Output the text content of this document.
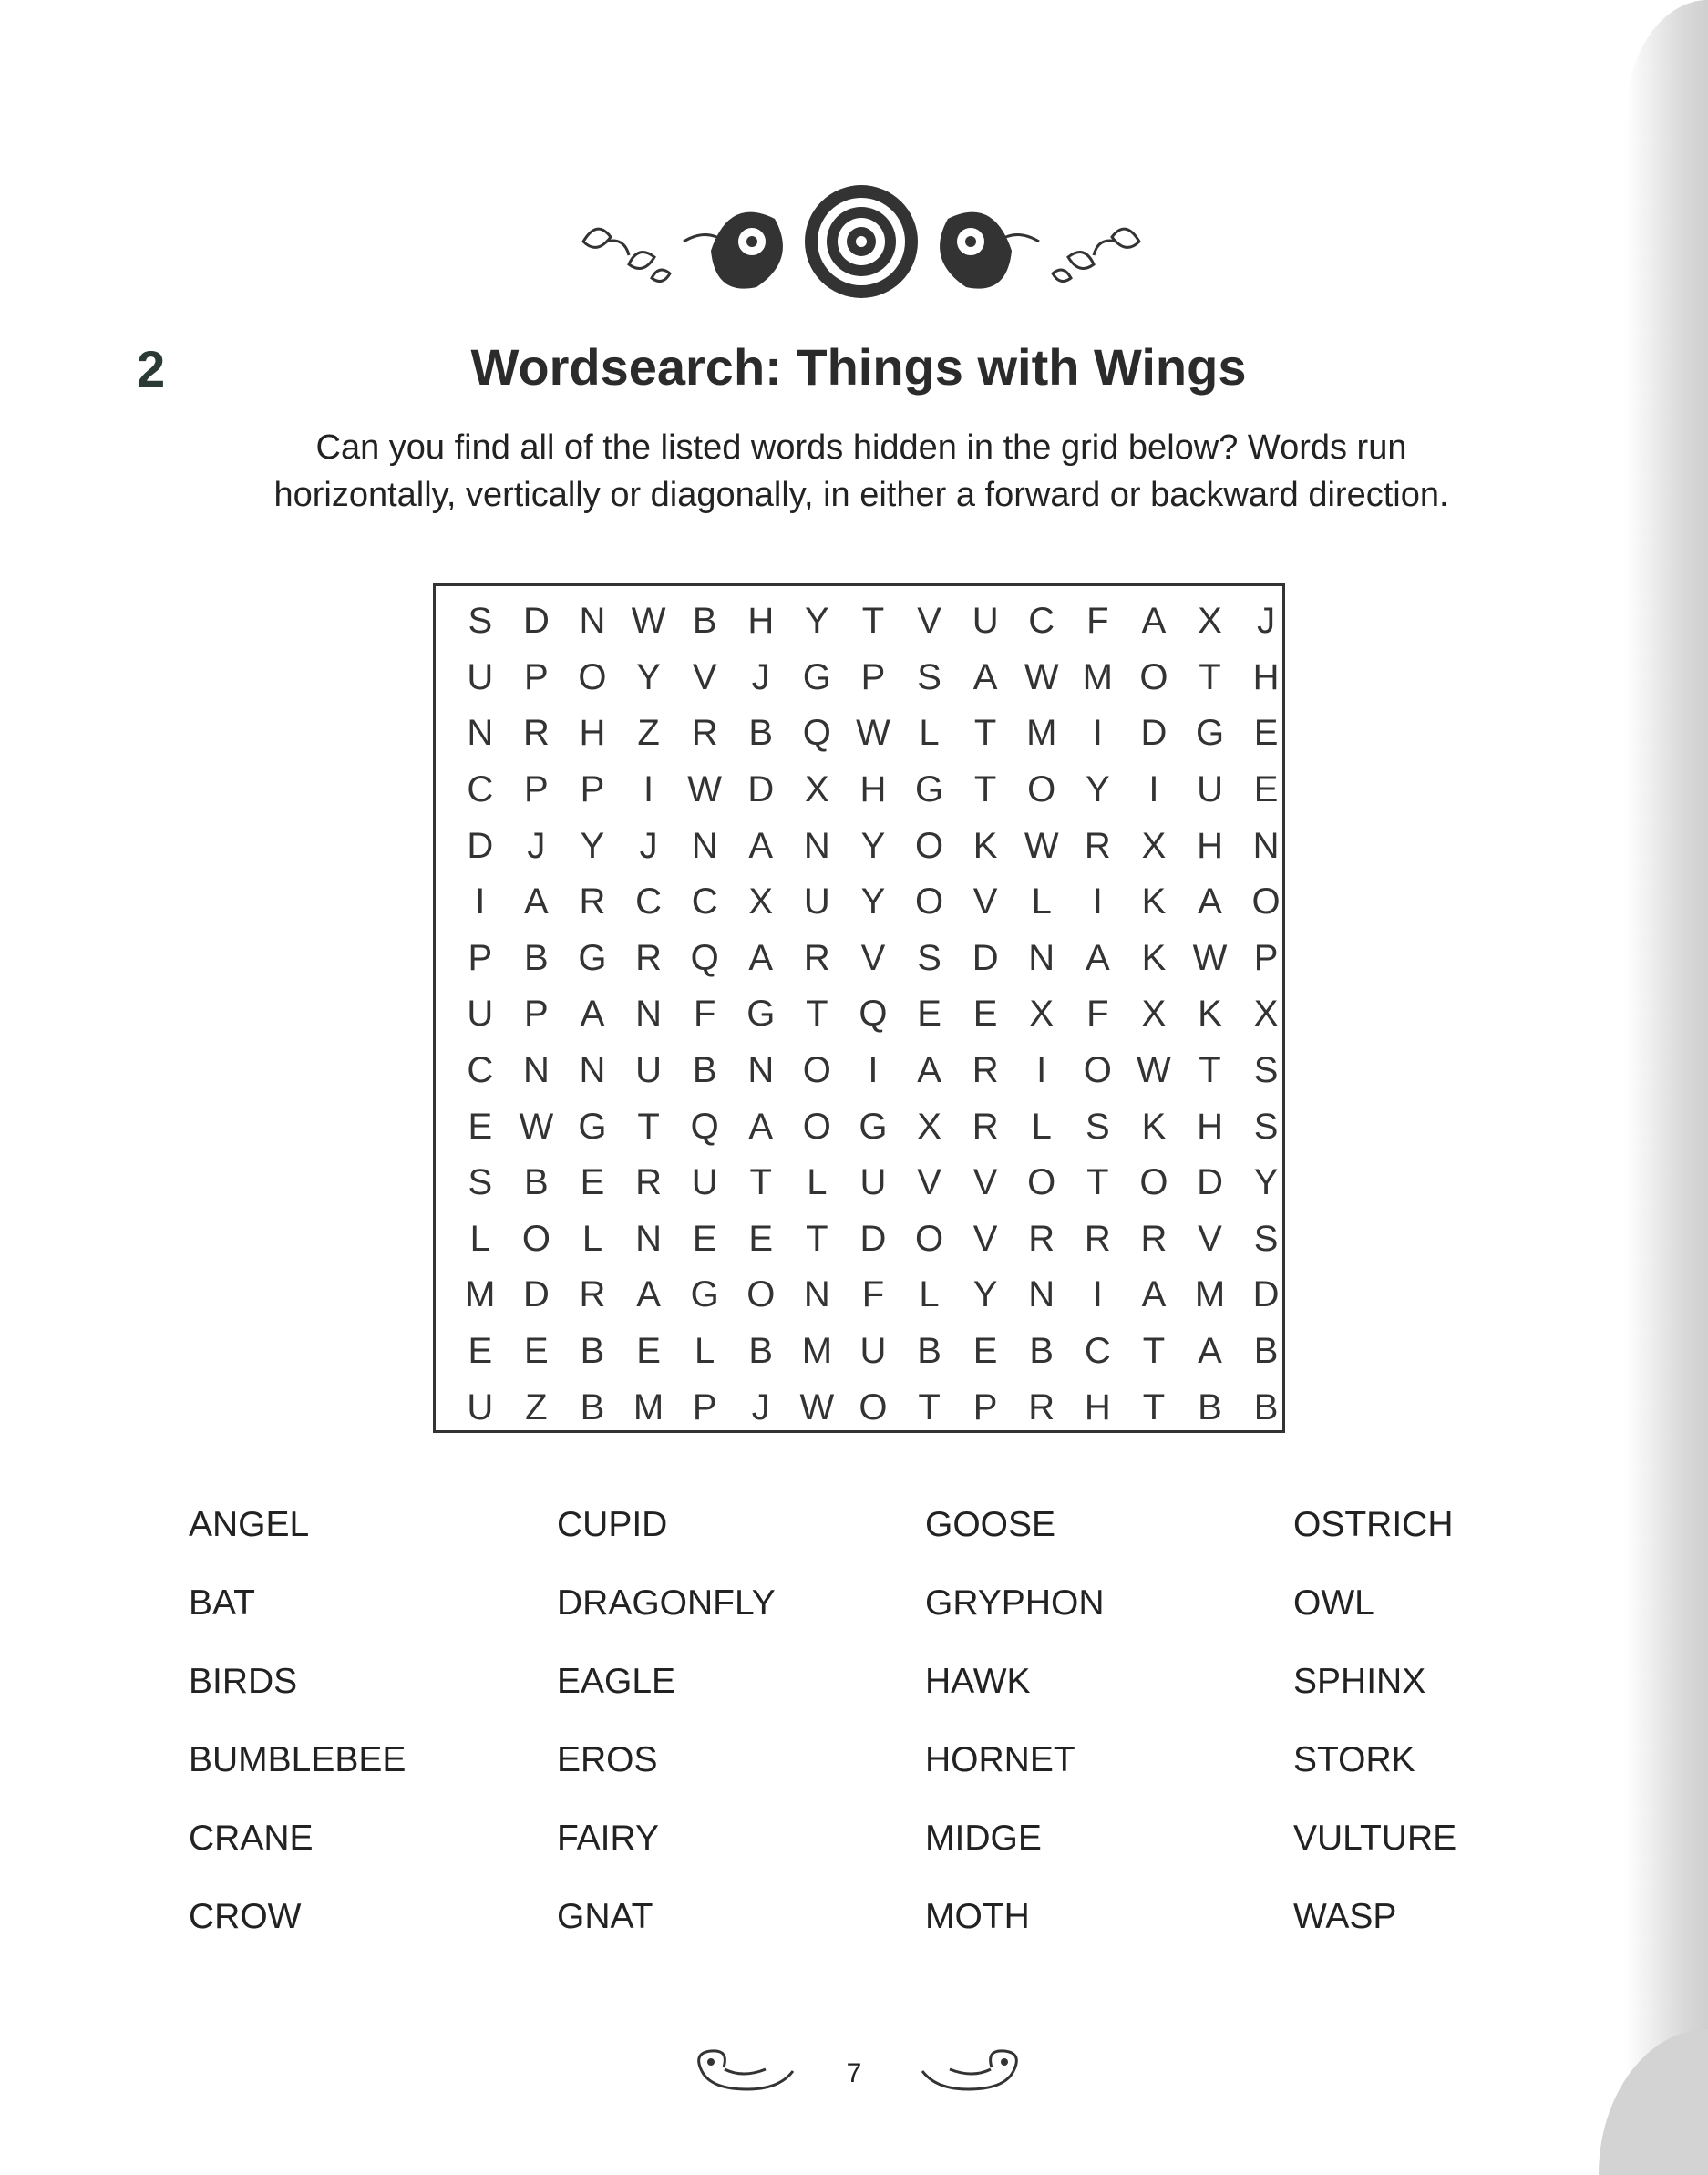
2	Wordsearch: Things with Wings
Can you find all of the listed words hidden in the grid below? Words run
horizontally, vertically or diagonally, in either a forward or backward direction.
S D N W B H Y T V U C F A X J
U P O Y V J G P S A W M O T H
N R H Z R B Q W L T M I	D G E
C P P	I W D X H G T O Y	I	U E
D J Y J N A N Y O K W R X H N
I	A R C C X U Y O V L	I	K A O
P B G R Q A R V S D N A K W P
U P A N F G T Q E E X F X K X
C N N U B N O	I	A R	I	O W T S
E W G T Q A O G X R L S K H S
S B E R U T L U V V O T O D Y
L O L N E E T D O V R R R V S
M D R A G O N F L Y N	I	A M D
E E B E L B M U B E B C T A B
U Z B M P J W O T P R H T B B
ANGEL
BAT
BIRDS
BUMBLEBEE
CRANE
CROW
CUPID
DRAGONFLY
EAGLE
EROS
FAIRY
GNAT
GOOSE
GRYPHON
HAWK
HORNET
MIDGE
MOTH
OSTRICH
OWL
SPHINX
STORK
VULTURE
WASP
7
